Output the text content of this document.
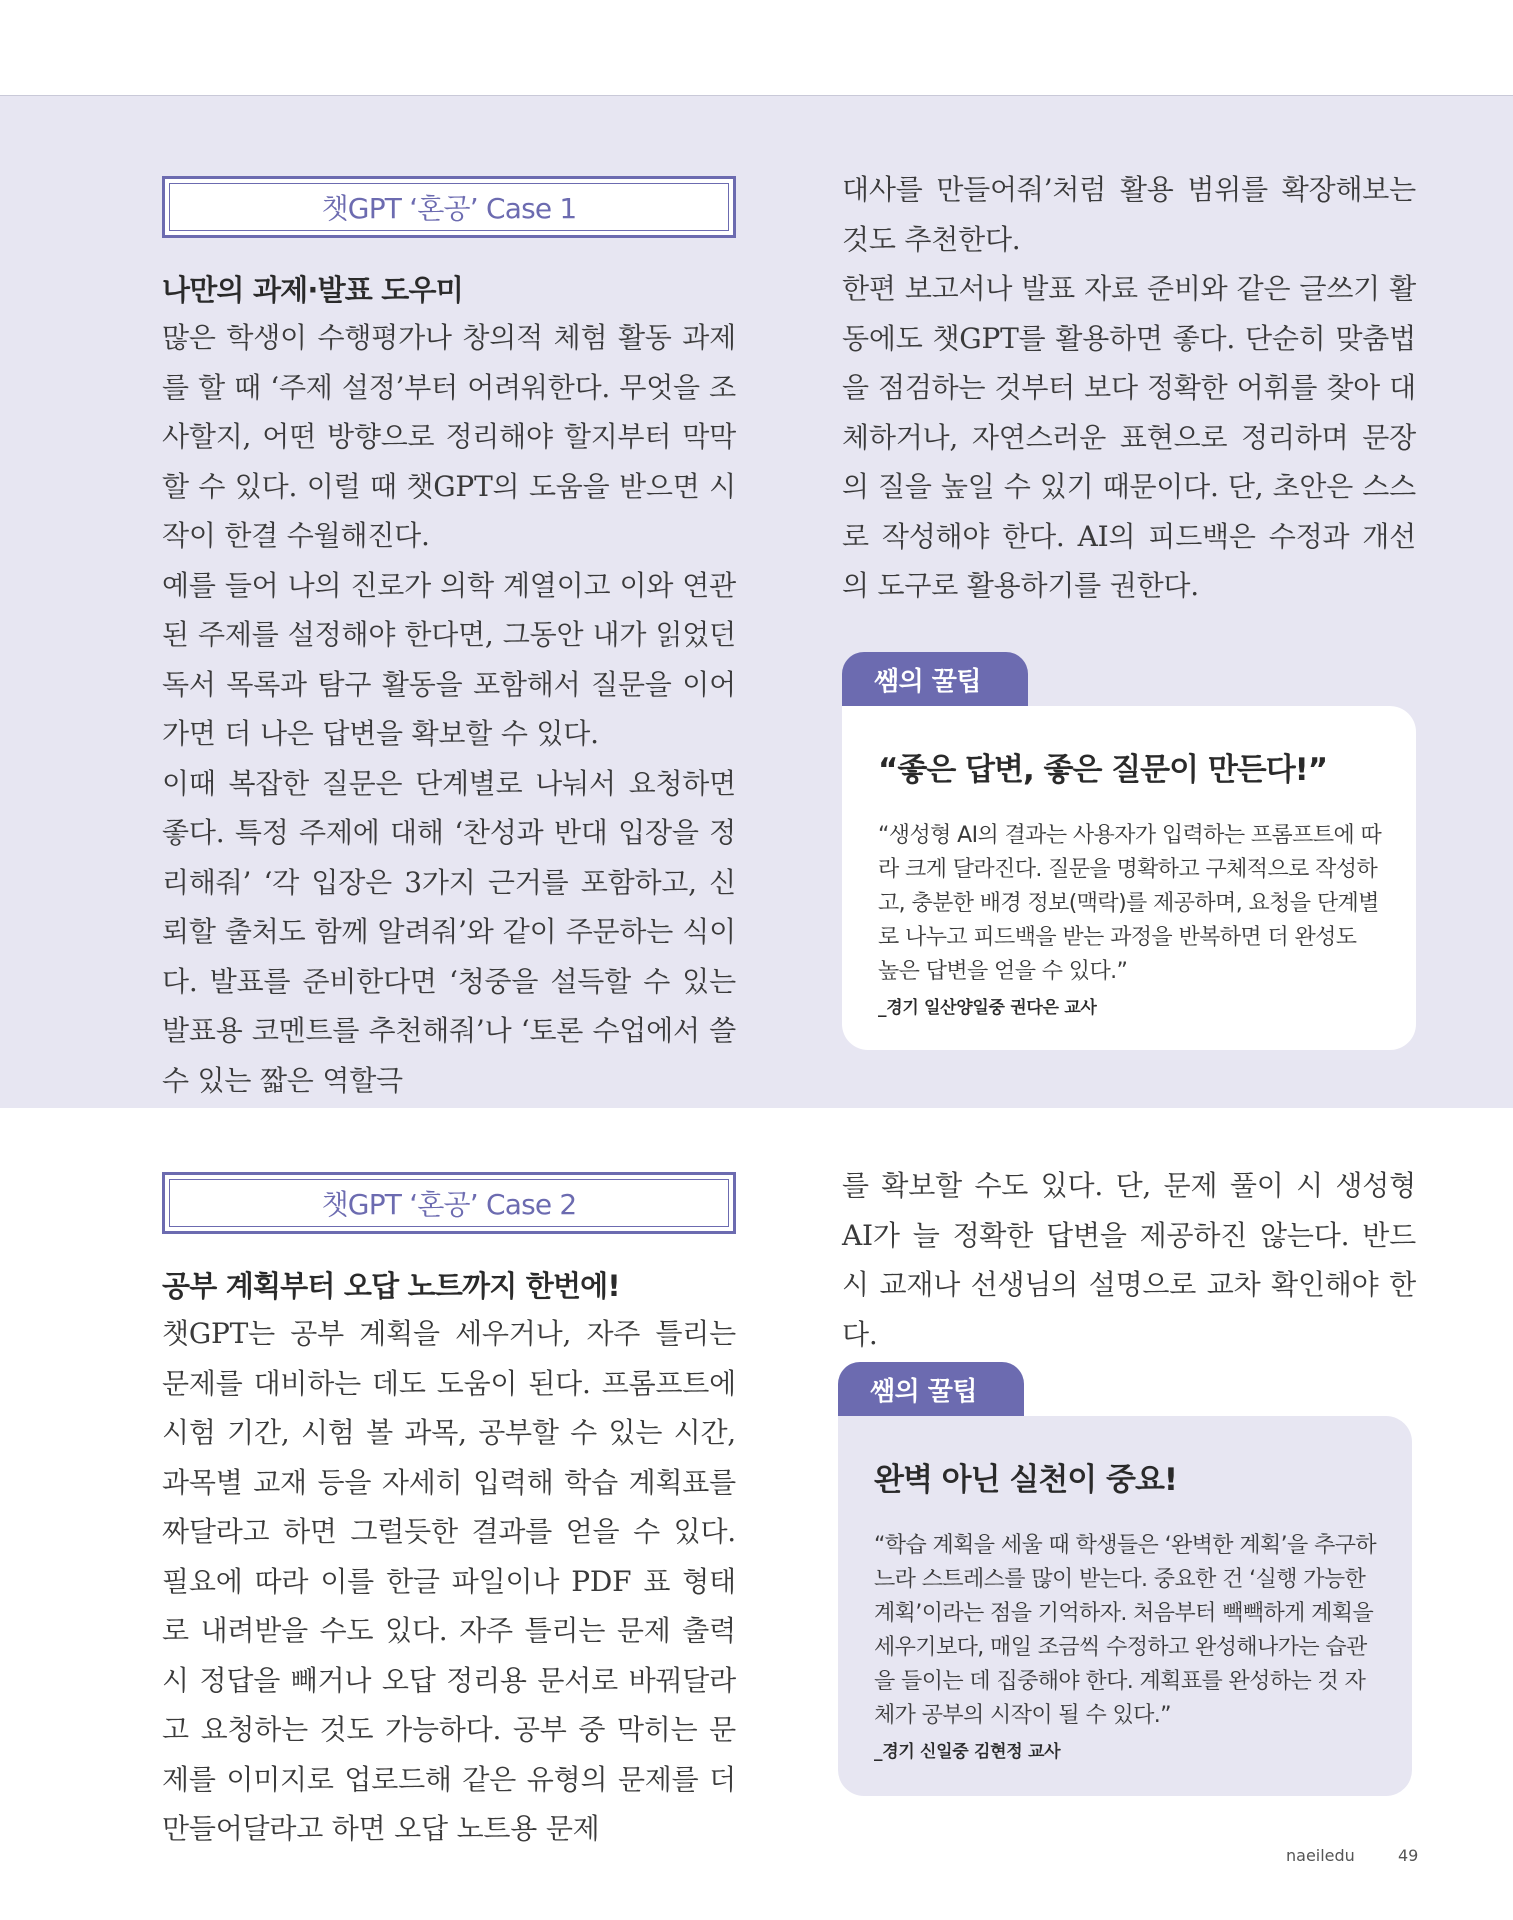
챗GPT ‘혼공’ Case 1
나만의 과제·발표 도우미

많은 학생이 수행평가나 창의적 체험 활동 과제를 할 때 ‘주제 설정’부터 어려워한다. 무엇을 조사할지, 어떤 방향으로 정리해야 할지부터 막막할 수 있다. 이럴 때 챗GPT의 도움을 받으면 시작이 한결 수월해진다.

예를 들어 나의 진로가 의학 계열이고 이와 연관된 주제를 설정해야 한다면, 그동안 내가 읽었던 독서 목록과 탐구 활동을 포함해서 질문을 이어가면 더 나은 답변을 확보할 수 있다.

이때 복잡한 질문은 단계별로 나눠서 요청하면 좋다. 특정 주제에 대해 ‘찬성과 반대 입장을 정리해줘’ ‘각 입장은 3가지 근거를 포함하고, 신뢰할 출처도 함께 알려줘’와 같이 주문하는 식이다. 발표를 준비한다면 ‘청중을 설득할 수 있는 발표용 코멘트를 추천해줘’나 ‘토론 수업에서 쓸 수 있는 짧은 역할극

대사를 만들어줘’처럼 활용 범위를 확장해보는 것도 추천한다.

한편 보고서나 발표 자료 준비와 같은 글쓰기 활동에도 챗GPT를 활용하면 좋다. 단순히 맞춤법을 점검하는 것부터 보다 정확한 어휘를 찾아 대체하거나, 자연스러운 표현으로 정리하며 문장의 질을 높일 수 있기 때문이다. 단, 초안은 스스로 작성해야 한다. AI의 피드백은 수정과 개선의 도구로 활용하기를 권한다.

쌤의 꿀팁

“좋은 답변, 좋은 질문이 만든다!”

“생성형 AI의 결과는 사용자가 입력하는 프롬프트에 따라 크게 달라진다. 질문을 명확하고 구체적으로 작성하고, 충분한 배경 정보(맥락)를 제공하며, 요청을 단계별로 나누고 피드백을 받는 과정을 반복하면 더 완성도 높은 답변을 얻을 수 있다.”

_경기 일산양일중 권다은 교사

챗GPT ‘혼공’ Case 2
공부 계획부터 오답 노트까지 한번에!

챗GPT는 공부 계획을 세우거나, 자주 틀리는 문제를 대비하는 데도 도움이 된다. 프롬프트에 시험 기간, 시험 볼 과목, 공부할 수 있는 시간, 과목별 교재 등을 자세히 입력해 학습 계획표를 짜달라고 하면 그럴듯한 결과를 얻을 수 있다. 필요에 따라 이를 한글 파일이나 PDF 표 형태로 내려받을 수도 있다. 자주 틀리는 문제 출력 시 정답을 빼거나 오답 정리용 문서로 바꿔달라고 요청하는 것도 가능하다. 공부 중 막히는 문제를 이미지로 업로드해 같은 유형의 문제를 더 만들어달라고 하면 오답 노트용 문제

를 확보할 수도 있다. 단, 문제 풀이 시 생성형 AI가 늘 정확한 답변을 제공하진 않는다. 반드시 교재나 선생님의 설명으로 교차 확인해야 한다.

쌤의 꿀팁

완벽 아닌 실천이 중요!

“학습 계획을 세울 때 학생들은 ‘완벽한 계획’을 추구하느라 스트레스를 많이 받는다. 중요한 건 ‘실행 가능한 계획’이라는 점을 기억하자. 처음부터 빽빽하게 계획을 세우기보다, 매일 조금씩 수정하고 완성해나가는 습관을 들이는 데 집중해야 한다. 계획표를 완성하는 것 자체가 공부의 시작이 될 수 있다.”

_경기 신일중 김현정 교사

naeiledu	49
